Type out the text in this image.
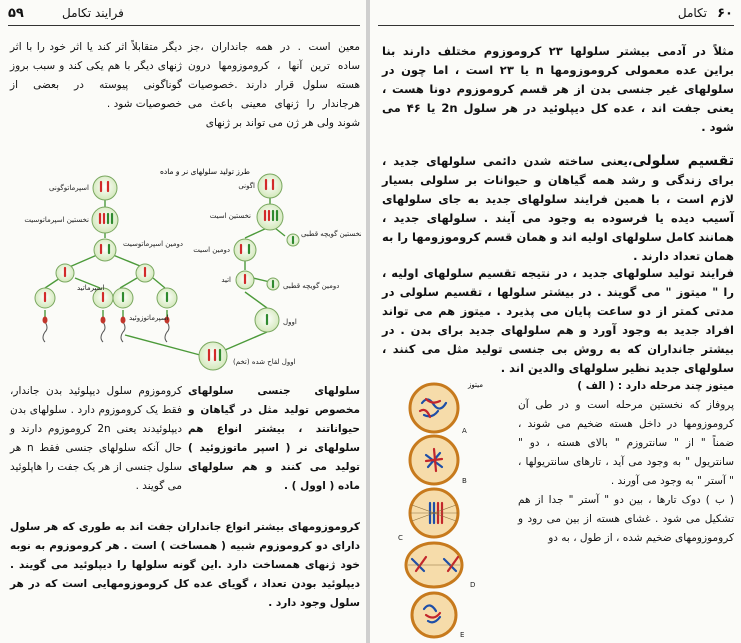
۵۹	فرایند تکامل

معین است . در همه جانداران ،جز ساده ترین آنها ، کروموزومها درون هسته سلول قرار دارند .خصوصیات هرجاندار را ژنهای معینی باعث می شوند ولی هر ژن می تواند بر ژنهای

دیگر متقابلاً اثر کند یا اثر خود را با اثر ژنهای دیگر با هم یکی کند و سبب بروز گوناگونی پیوسته در بعضی از خصوصیات شود .

طرز تولید سلولهای نر و ماده
اسپرماتوگونی
نخستین اسپرماتوسیت
دومین اسپرماتوسیت
اسپرماتید
اسپرماتوزوئید
اگونی
نخستین اسیت
نخستین گویچه قطبی
دومین اسیت
دومین گویچه قطبی
اتید
اوول
اوول لقاح شده (تخم)

سلولهای جنسی سلولهای مخصوص تولید مثل در گیاهان و حیواناتند ، بیشتر انواع هم سلولهای نر ( اسپر ماتوزوئید ) تولید می کنند و هم سلولهای ماده ( اوول ) .

کروموزوم سلول دیپلوئید بدن جاندار، فقط یک کروموزوم دارد . سلولهای بدن دیپلوئیدند یعنی 2n کروموزوم دارند و حال آنکه سلولهای جنسی فقط n هر سلول جنسی از هر یک جفت را هاپلوئید می گویند .

کروموزومهای بیشتر انواع جانداران جفت اند به طوری که هر سلول دارای دو کروموزوم شبیه ( همساخت ) است . هر کروموزوم به نوبه خود ژنهای همساخت دارد .این گونه سلولها را دیپلوئید می گویند . دیپلوئید بودن تعداد ، گویای عده کل کروموزومهایی است که در هر سلول وجود دارد .

۶۰
تکامل

مثلاً در آدمی بیشتر سلولها ۲۳ کروموزوم مختلف دارند بنا براین عده معمولی کروموزومها n یا ۲۳ است ، اما چون در سلولهای غیر جنسی بدن از هر قسم کروموزوم دونا هست ، یعنی جفت اند ، عده کل دیپلوئید در هر سلول 2n یا ۴۶ می شود .

تقسیم سلولی،یعنی ساخته شدن دائمی سلولهای جدید ، برای زندگی و رشد همه گیاهان و حیوانات بر سلولی بسیار لازم است ، با همین فرایند سلولهای جدید به جای سلولهای آسیب دیده یا فرسوده به وجود می آیند . سلولهای جدید ، همانند کامل سلولهای اولیه اند و همان قسم کروموزومها را به همان تعداد دارند .

فرایند تولید سلولهای جدید ، در نتیجه تقسیم سلولهای اولیه ، را " میتوز " می گویند . در بیشتر سلولها ، تقسیم سلولی در مدتی کمتر از دو ساعت پایان می پذیرد . میتوز هم می تواند افراد جدید به وجود آورد و هم سلولهای جدید برای بدن . در بیشتر جانداران که به روش بی جنسی تولید مثل می کنند ، سلولهای جدید نظیر سلولهای والدین اند .

میتوز
A
B
C
D
E

میتوز چند مرحله دارد : ( الف )

پروفاز که نخستین مرحله است و در طی آن کروموزومها در داخل هسته ضخیم می شوند ، ضمناً " از " سانتروزم " بالای هسته ، دو " سانتریول " به وجود می آید ، تارهای سانتریولها ، " آستر " به وجود می آورند .

( ب ) دوک تارها ، بین دو " آستر " جدا از هم تشکیل می شود . غشای هسته از بین می رود و کروموزومهای ضخیم شده ، از طول ، به دو
